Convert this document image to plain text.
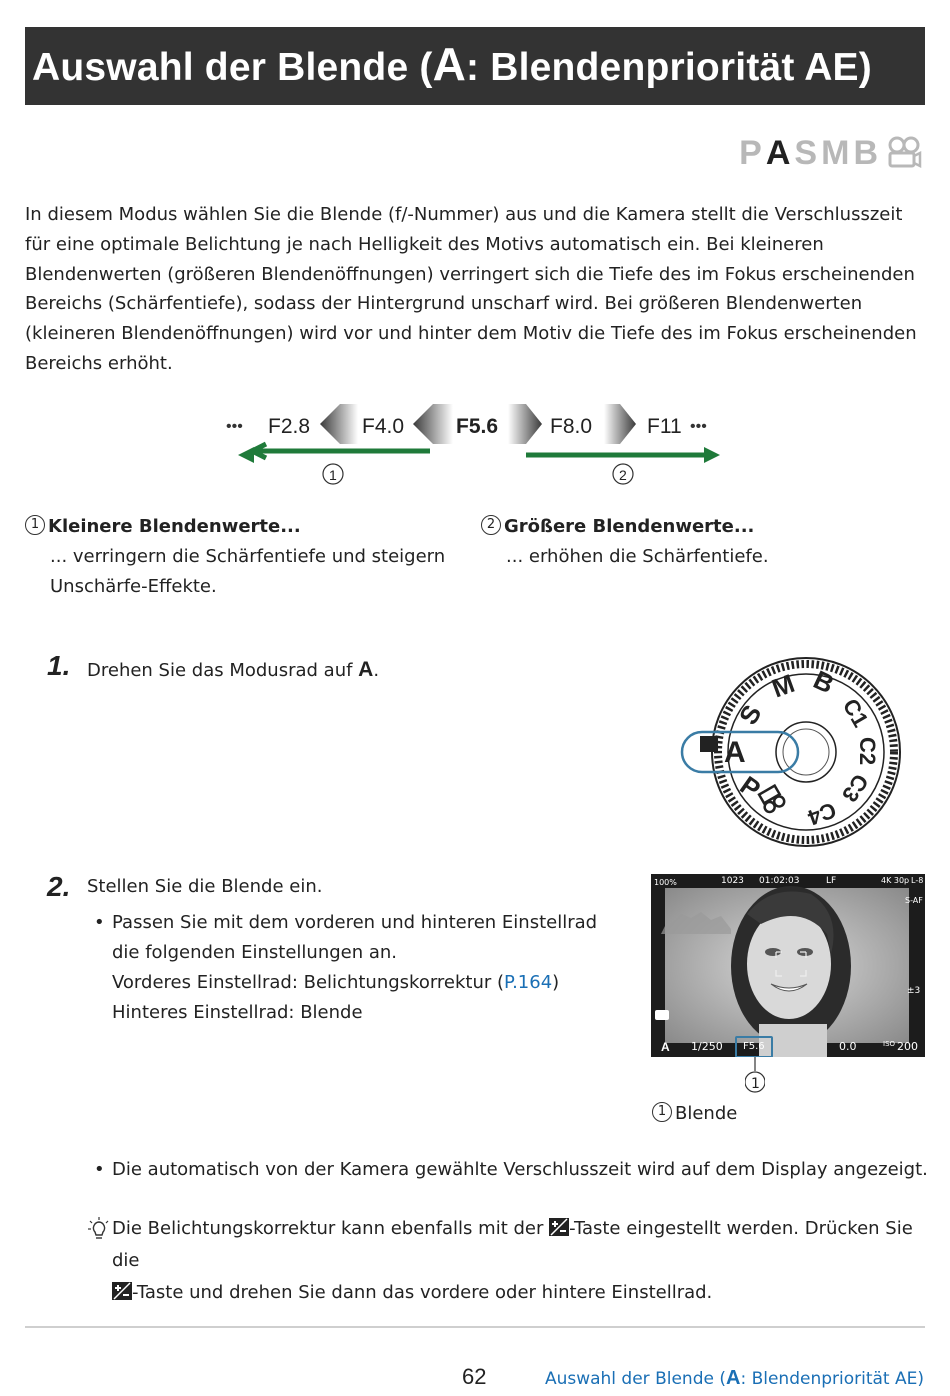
Auswahl der Blende (A: Blendenpriorität AE)
P A S M B

In diesem Modus wählen Sie die Blende (f/-Nummer) aus und die Kamera stellt die Verschlusszeit für eine optimale Belichtung je nach Helligkeit des Motivs automatisch ein. Bei kleineren Blendenwerten (größeren Blendenöffnungen) verringert sich die Tiefe des im Fokus erscheinenden Bereichs (Schärfentiefe), sodass der Hintergrund unscharf wird. Bei größeren Blendenwerten (kleineren Blendenöffnungen) wird vor und hinter dem Motiv die Tiefe des im Fokus erscheinenden Bereichs erhöht.

••• F2.8 F4.0 F5.6 F8.0	F11 •••
1	2
1 Kleinere Blendenwerte...
... verringern die Schärfentiefe und steigern Unschärfe-Effekte.
2 Größere Blendenwerte...
... erhöhen die Schärfentiefe.
1. Drehen Sie das Modusrad auf A.
A
P
S
M B
C1
C2
C3
C4
2. Stellen Sie die Blende ein.
• Passen Sie mit dem vorderen und hinteren Einstellrad die folgenden Einstellungen an.
Vorderes Einstellrad: Belichtungskorrektur (P.164)
Hinteres Einstellrad: Blende
100%	1023 01:02:03	LF	4K 30p L-8
S-AF
±3
A 1/250 F5.6	0.0	ISO 200
1
1 Blende
• Die automatisch von der Kamera gewählte Verschlusszeit wird auf dem Display angezeigt.
Die Belichtungskorrektur kann ebenfalls mit der
-Taste eingestellt werden. Drücken Sie die

-Taste und drehen Sie dann das vordere oder hintere Einstellrad.
62	Auswahl der Blende (A: Blendenpriorität AE)
